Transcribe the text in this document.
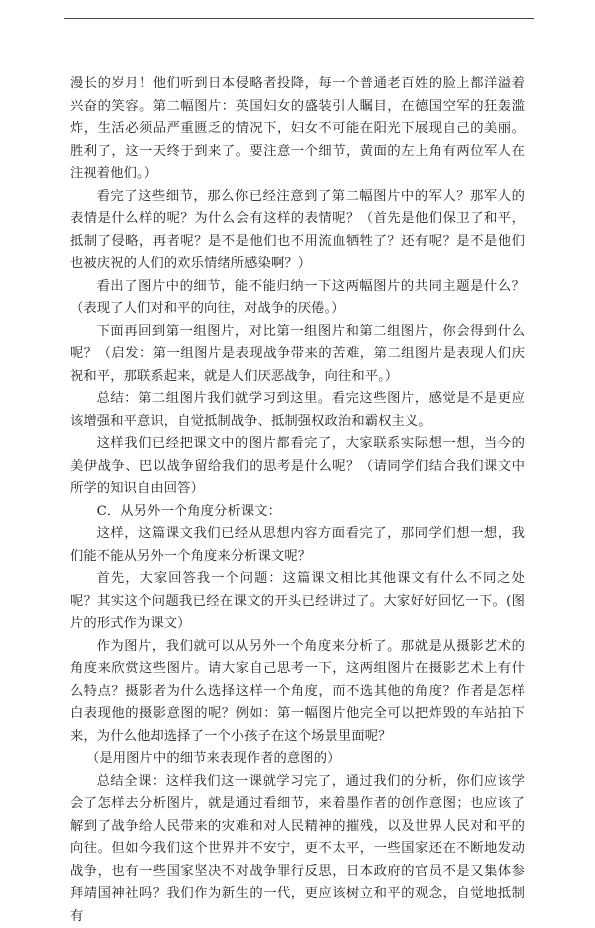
漫长的岁月！他们听到日本侵略者投降，每一个普通老百姓的脸上都洋溢着兴奋的笑容。第二幅图片：英国妇女的盛装引人瞩目，在德国空军的狂轰滥炸，生活必须品严重匮乏的情况下，妇女不可能在阳光下展现自己的美丽。胜利了，这一天终于到来了。要注意一个细节，黄面的左上角有两位军人在注视着他们。）

看完了这些细节，那么你已经注意到了第二幅图片中的军人？那军人的表情是什么样的呢？为什么会有这样的表情呢？（首先是他们保卫了和平，抵制了侵略，再者呢？是不是他们也不用流血牺牲了？还有呢？是不是他们也被庆祝的人们的欢乐情绪所感染啊？）

看出了图片中的细节，能不能归纳一下这两幅图片的共同主题是什么？（表现了人们对和平的向往，对战争的厌倦。）

下面再回到第一组图片，对比第一组图片和第二组图片，你会得到什么呢？（启发：第一组图片是表现战争带来的苦难，第二组图片是表现人们庆祝和平，那联系起来，就是人们厌恶战争，向往和平。）

总结：第二组图片我们就学习到这里。看完这些图片，感觉是不是更应该增强和平意识，自觉抵制战争、抵制强权政治和霸权主义。

这样我们已经把课文中的图片都看完了，大家联系实际想一想，当今的美伊战争、巴以战争留给我们的思考是什么呢？（请同学们结合我们课文中所学的知识自由回答）

C．从另外一个角度分析课文：

这样，这篇课文我们已经从思想内容方面看完了，那同学们想一想，我们能不能从另外一个角度来分析课文呢？

首先，大家回答我一个问题：这篇课文相比其他课文有什么不同之处呢？其实这个问题我已经在课文的开头已经讲过了。大家好好回忆一下。(图片的形式作为课文）

作为图片，我们就可以从另外一个角度来分析了。那就是从摄影艺术的角度来欣赏这些图片。请大家自己思考一下，这两组图片在摄影艺术上有什么特点？摄影者为什么选择这样一个角度，而不选其他的角度？作者是怎样白表现他的摄影意图的呢？例如：第一幅图片他完全可以把炸毁的车站拍下来，为什么他却选择了一个小孩子在这个场景里面呢？

（是用图片中的细节来表现作者的意图的）

总结全课：这样我们这一课就学习完了，通过我们的分析，你们应该学会了怎样去分析图片，就是通过看细节，来着墨作者的创作意图；也应该了解到了战争给人民带来的灾难和对人民精神的摧残，以及世界人民对和平的向往。但如今我们这个世界并不安宁，更不太平，一些国家还在不断地发动战争，也有一些国家坚决不对战争罪行反思，日本政府的官员不是又集体参拜靖国神社吗？我们作为新生的一代，更应该树立和平的观念，自觉地抵制有
